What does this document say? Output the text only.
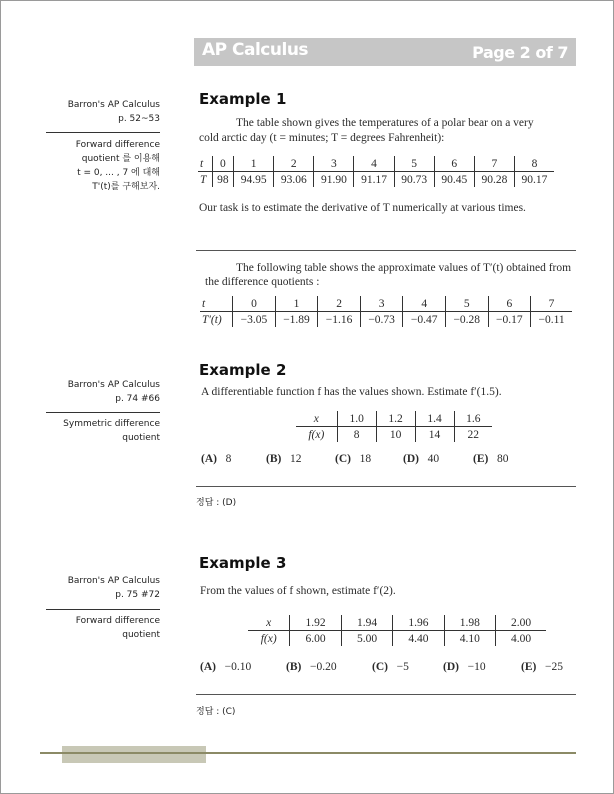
AP Calculus	Page 2 of 7
Example 1
Barron's AP Calculus
p. 52~53
Forward difference
quotient 를 이용해
t = 0, ... , 7 에 대해
T'(t)를 구해보자.
The table shown gives the temperatures of a polar bear on a very
cold arctic day (t = minutes; T = degrees Fahrenheit):
t	0	1	2	3	4	5	6	7	8
T	98	94.95	93.06	91.90	91.17	90.73	90.45	90.28	90.17
Our task is to estimate the derivative of T numerically at various times.
The following table shows the approximate values of T′(t) obtained from
the difference quotients :
t	0	1	2	3	4	5	6	7
T′(t)	−3.05	−1.89	−1.16	−0.73	−0.47	−0.28	−0.17	−0.11
Example 2
Barron's AP Calculus
p. 74 #66
Symmetric difference
quotient
A differentiable function f has the values shown. Estimate f′(1.5).
x	1.0	1.2	1.4	1.6
f(x)	8	10	14	22
(A) 8	(B) 12	(C) 18	(D) 40	(E) 80
정답 : (D)
Example 3
Barron's AP Calculus
p. 75 #72
Forward difference
quotient
From the values of f shown, estimate f′(2).
x	1.92	1.94	1.96	1.98	2.00
f(x)	6.00	5.00	4.40	4.10	4.00
(A) −0.10	(B) −0.20	(C) −5	(D) −10	(E) −25
정답 : (C)
